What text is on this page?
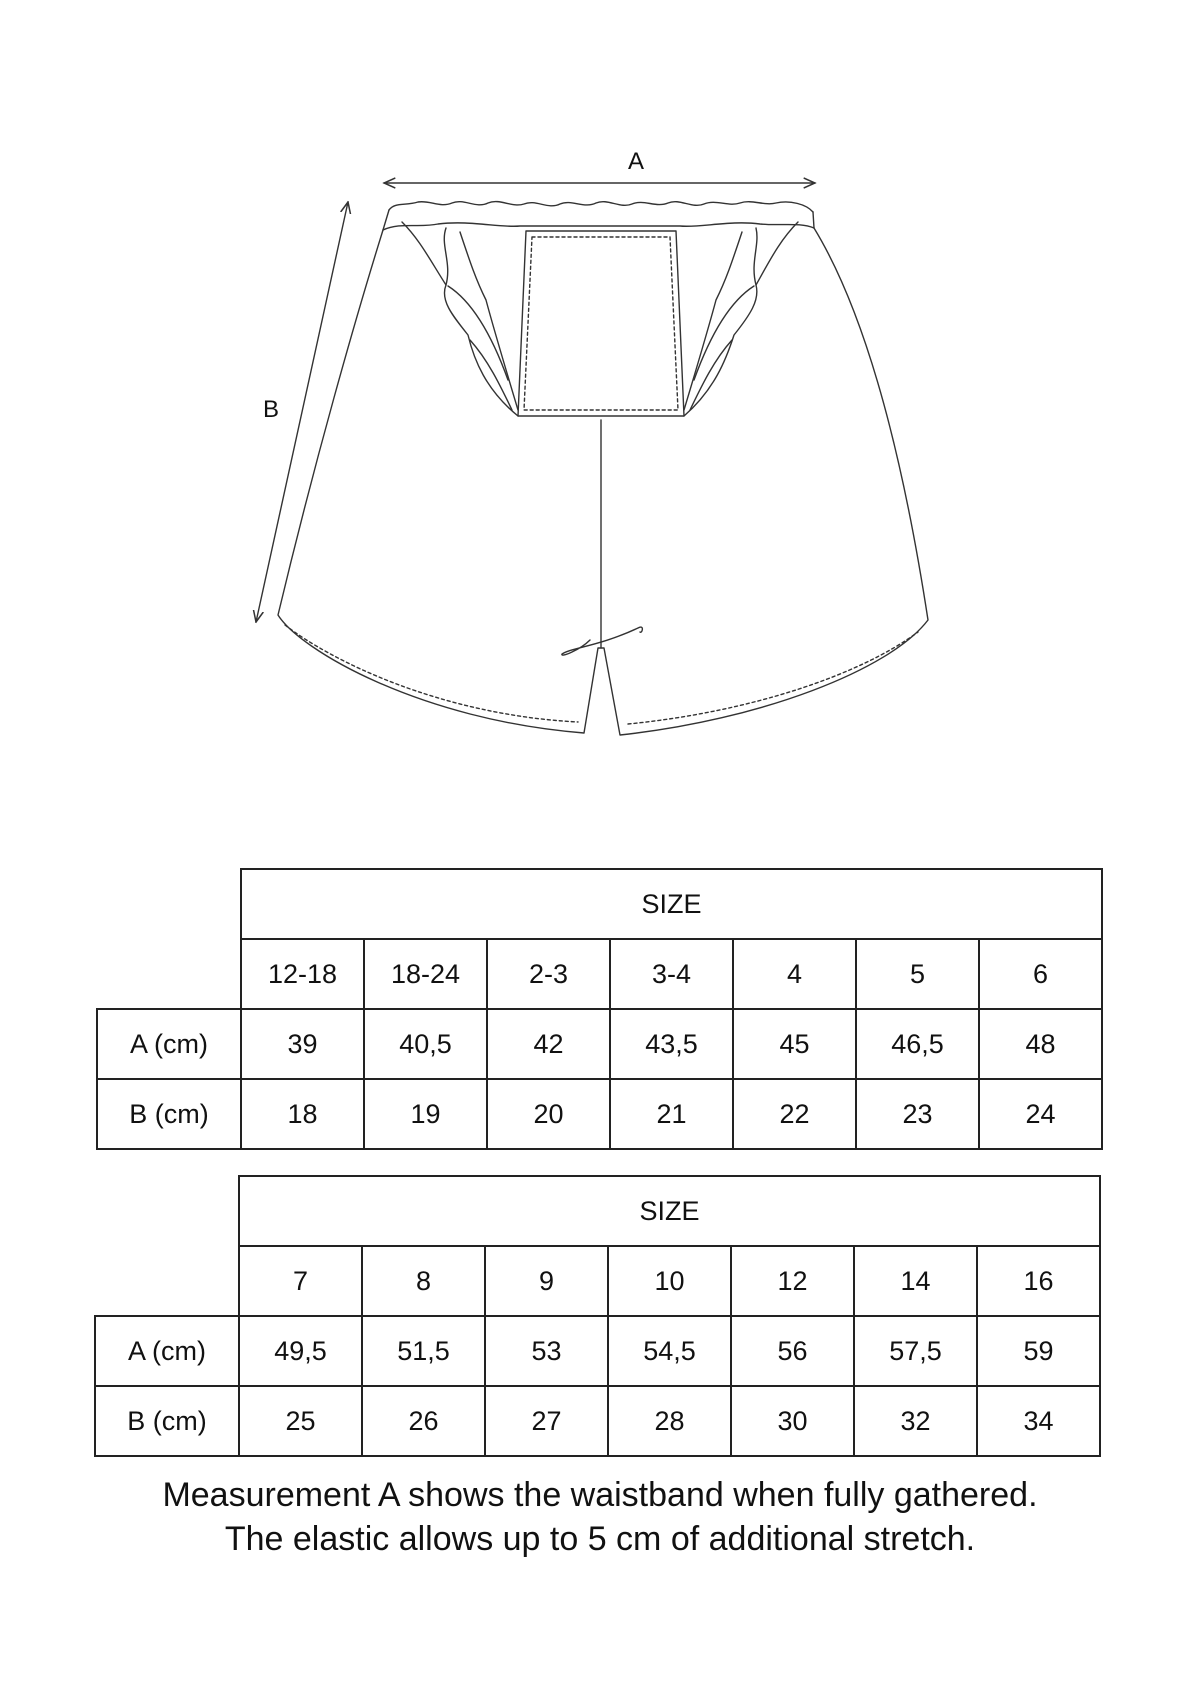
A
B
	SIZE						
	12-18	18-24	2-3	3-4	4	5	6
A (cm)	39	40,5	42	43,5	45	46,5	48
B (cm)	18	19	20	21	22	23	24
	SIZE						
	7	8	9	10	12	14	16
A (cm)	49,5	51,5	53	54,5	56	57,5	59
B (cm)	25	26	27	28	30	32	34
Measurement A shows the waistband when fully gathered.
The elastic allows up to 5 cm of additional stretch.
